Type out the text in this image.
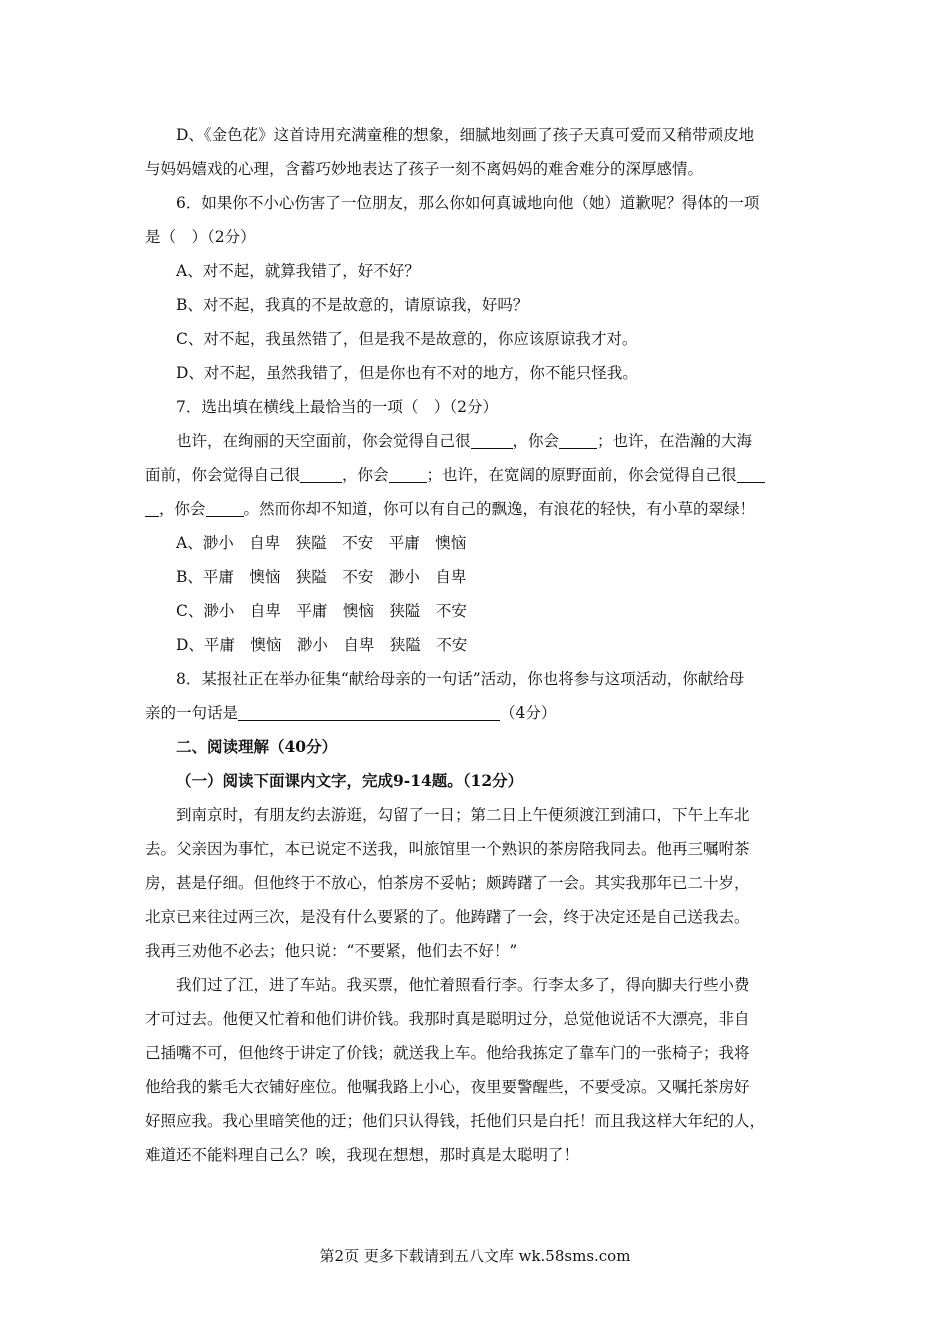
D、《金色花》这首诗用充满童稚的想象，细腻地刻画了孩子天真可爱而又稍带顽皮地

与妈妈嬉戏的心理，含蓄巧妙地表达了孩子一刻不离妈妈的难舍难分的深厚感情。

6．如果你不小心伤害了一位朋友，那么你如何真诚地向他（她）道歉呢？得体的一项

是（　）（2分）

A、对不起，就算我错了，好不好？

B、对不起，我真的不是故意的，请原谅我，好吗？

C、对不起，我虽然错了，但是我不是故意的，你应该原谅我才对。

D、对不起，虽然我错了，但是你也有不对的地方，你不能只怪我。

7．选出填在横线上最恰当的一项（　）（2分）

也许，在绚丽的天空面前，你会觉得自己很	，你会 ；也许，在浩瀚的大海

面前，你会觉得自己很	，你会 ；也许，在宽阔的原野面前，你会觉得自己很

，你会 。然而你却不知道，你可以有自己的飘逸，有浪花的轻快，有小草的翠绿！

A、渺小　自卑　狭隘　不安　平庸　懊恼

B、平庸　懊恼　狭隘　不安　渺小　自卑

C、渺小　自卑　平庸　懊恼　狭隘　不安

D、平庸　懊恼　渺小　自卑　狭隘　不安

8．某报社正在举办征集“献给母亲的一句话”活动，你也将参与这项活动，你献给母

亲的一句话是	（4分）

二、阅读理解（40分）

（一）阅读下面课内文字，完成9-14题。（12分）

到南京时，有朋友约去游逛，勾留了一日；第二日上午便须渡江到浦口，下午上车北

去。父亲因为事忙，本已说定不送我，叫旅馆里一个熟识的茶房陪我同去。他再三嘱咐茶

房，甚是仔细。但他终于不放心，怕茶房不妥帖；颇踌躇了一会。其实我那年已二十岁，

北京已来往过两三次，是没有什么要紧的了。他踌躇了一会，终于决定还是自己送我去。

我再三劝他不必去；他只说：“不要紧，他们去不好！”

我们过了江，进了车站。我买票，他忙着照看行李。行李太多了，得向脚夫行些小费

才可过去。他便又忙着和他们讲价钱。我那时真是聪明过分，总觉他说话不大漂亮，非自

己插嘴不可，但他终于讲定了价钱；就送我上车。他给我拣定了靠车门的一张椅子；我将

他给我的紫毛大衣铺好座位。他嘱我路上小心，夜里要警醒些，不要受凉。又嘱托茶房好

好照应我。我心里暗笑他的迂；他们只认得钱，托他们只是白托！而且我这样大年纪的人，

难道还不能料理自己么？唉，我现在想想，那时真是太聪明了！

第2页 更多下载请到五八文库 wk.58sms.com
